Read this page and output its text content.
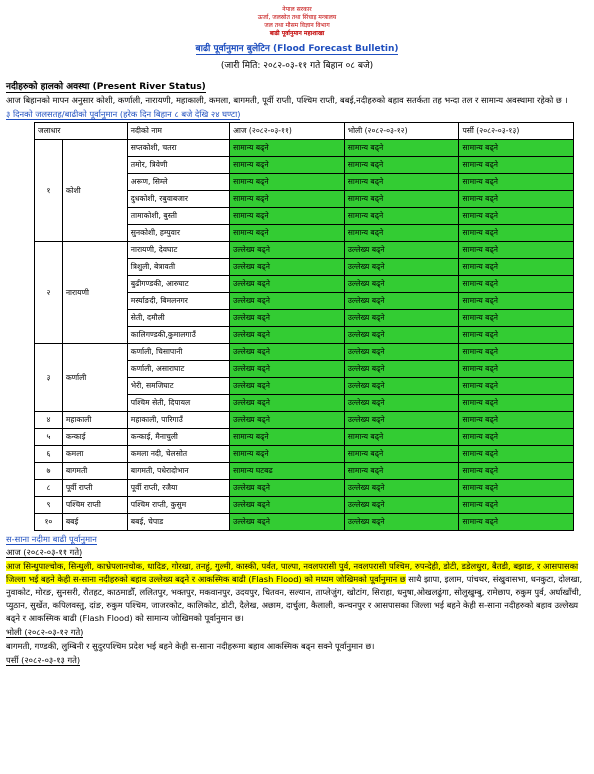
नेपाल सरकार
ऊर्जा, जलस्रोत तथा सिंचाइ मन्त्रालय
जल तथा मौसम विज्ञान विभाग
बाढी पूर्वानुमान महाशाखा
बाढी पूर्वानुमान बुलेटिन (Flood Forecast Bulletin)
(जारी मिति: २०८२-०३-११ गते बिहान ०८ बजे)
नदीहरुको हालको अवस्था (Present River Status)
आज बिहानको मापन अनुसार कोशी, कर्णाली, नारायणी, महाकाली, कमला, बागमती, पूर्वी राप्ती, पश्चिम राप्ती, बबई,नदीहरुको बहाव सतर्कता तह भन्दा तल र सामान्य अवस्थामा रहेको छ ।
३ दिनको जलसतह/बाढीको पूर्वानुमान (हरेक दिन बिहान ८ बजे देखि २४ घण्टा)
जलाधार		नदीको नाम	आज (२०८२-०३-११)	भोली (२०८२-०३-१२)	पर्सी (२०८२-०३-१३)
१	कोशी	सप्तकोशी, चतरा	सामान्य बढ्ने	सामान्य बढ्ने	सामान्य बढ्ने
		तमोर, त्रिवेणी	सामान्य बढ्ने	सामान्य बढ्ने	सामान्य बढ्ने
		अरूण, सिम्ले	सामान्य बढ्ने	सामान्य बढ्ने	सामान्य बढ्ने
		दुधकोशी, रबुवाबजार	सामान्य बढ्ने	सामान्य बढ्ने	सामान्य बढ्ने
		तामाकोशी, बुस्ती	सामान्य बढ्ने	सामान्य बढ्ने	सामान्य बढ्ने
		सुनकोशी, हम्पुवार	सामान्य बढ्ने	सामान्य बढ्ने	सामान्य बढ्ने
२	नारायणी	नारायणी, देवघाट	उल्लेख्य बढ्ने	उल्लेख्य बढ्ने	सामान्य बढ्ने
		त्रिशुली, बेत्रावती	उल्लेख्य बढ्ने	उल्लेख्य बढ्ने	सामान्य बढ्ने
		बुढीगण्डकी, आरुघाट	उल्लेख्य बढ्ने	उल्लेख्य बढ्ने	सामान्य बढ्ने
		मर्स्याङदी, बिमलनगर	उल्लेख्य बढ्ने	उल्लेख्य बढ्ने	सामान्य बढ्ने
		सेती, दमौली	उल्लेख्य बढ्ने	उल्लेख्य बढ्ने	सामान्य बढ्ने
		कालिगण्डकी,कुमालगाउँ	उल्लेख्य बढ्ने	उल्लेख्य बढ्ने	सामान्य बढ्ने
३	कर्णाली	कर्णाली, चिसापानी	उल्लेख्य बढ्ने	उल्लेख्य बढ्ने	सामान्य बढ्ने
		कर्णाली, असाराघाट	उल्लेख्य बढ्ने	उल्लेख्य बढ्ने	सामान्य बढ्ने
		भेरी, समजिघाट	उल्लेख्य बढ्ने	उल्लेख्य बढ्ने	सामान्य बढ्ने
		पश्चिम सेती, दिपायल	उल्लेख्य बढ्ने	उल्लेख्य बढ्ने	सामान्य बढ्ने
४	महाकाली	महाकाली, पारिगाउँ	उल्लेख्य बढ्ने	उल्लेख्य बढ्ने	सामान्य बढ्ने
५	कन्काई	कन्काई, मैनाचुली	सामान्य बढ्ने	सामान्य बढ्ने	सामान्य बढ्ने
६	कमला	कमला नदी, चेलसोत	सामान्य बढ्ने	सामान्य बढ्ने	सामान्य बढ्ने
७	बागमती	बागमती, पधेरादोभान	सामान्य घटबढ	सामान्य बढ्ने	सामान्य बढ्ने
८	पूर्वी राप्ती	पूर्वी राप्ती, रजैया	उल्लेख्य बढ्ने	उल्लेख्य बढ्ने	सामान्य बढ्ने
९	पश्चिम राप्ती	पश्चिम राप्ती, कुसुम	उल्लेख्य बढ्ने	उल्लेख्य बढ्ने	सामान्य बढ्ने
१०	बबई	बबई, चेपाड	उल्लेख्य बढ्ने	उल्लेख्य बढ्ने	सामान्य बढ्ने
स-साना नदीमा बाढी पूर्वानुमान
आज (२०८२-०३-११ गते)
आज सिन्धुपाल्चोक, सिन्धुली, काभ्रेपलानचोक, धादिङ, गोरखा, तनहुं, गुल्मी, कास्की, पर्वत, पाल्पा, नवलपरासी पुर्व, नवलपरासी पश्चिम, रुपन्देही, डोटी, डडेलधुरा, बैतडी, बझाङ, र आसपासका जिल्ला भई बहने केही स-साना नदीहरुको बहाव उल्लेख्य बढ्ने र आकस्मिक बाढी (Flash Flood) को मध्यम जोखिमको पूर्वानुमान छ साथै झापा, इलाम, पांचथर, संखुवासभा, धनकुटा, दोलखा, नुवाकोट, मोरङ, सुनसरी, रौतहट, काठमाडौँ, ललितपुर, भक्तपुर, मकवानपुर, उदयपुर, चितवन, सल्यान, ताप्लेजुंग, खोटांग, सिराहा, धनुषा,ओखलढुंगा, सोलुखुम्बु, रामेछाप, रुकुम पुर्व, अर्घाखाँची, प्युठान, सुर्खेत, कपिलवस्तु, दांङ, रुकुम पश्चिम, जाजरकोट, कालिकोट, डोटी, दैलेख, अछाम, दार्चुला, कैलाली, कन्चनपुर र आसपासका जिल्ला भई बहने केही स-साना नदीहरुको बहाव उल्लेख्य बढ्ने र आकस्मिक बाढी (Flash Flood) को सामान्य जोखिमको पूर्वानुमान छ।
भोली (२०८२-०३-१२ गते)
बागमती, गण्डकी, लुम्बिनी र सुदुरपश्चिम प्रदेश भई बहने केही स-साना नदीहरूमा बहाव आकस्मिक बढ्न सक्ने पूर्वानुमान छ।
पर्सी (२०८२-०३-१३ गते)
